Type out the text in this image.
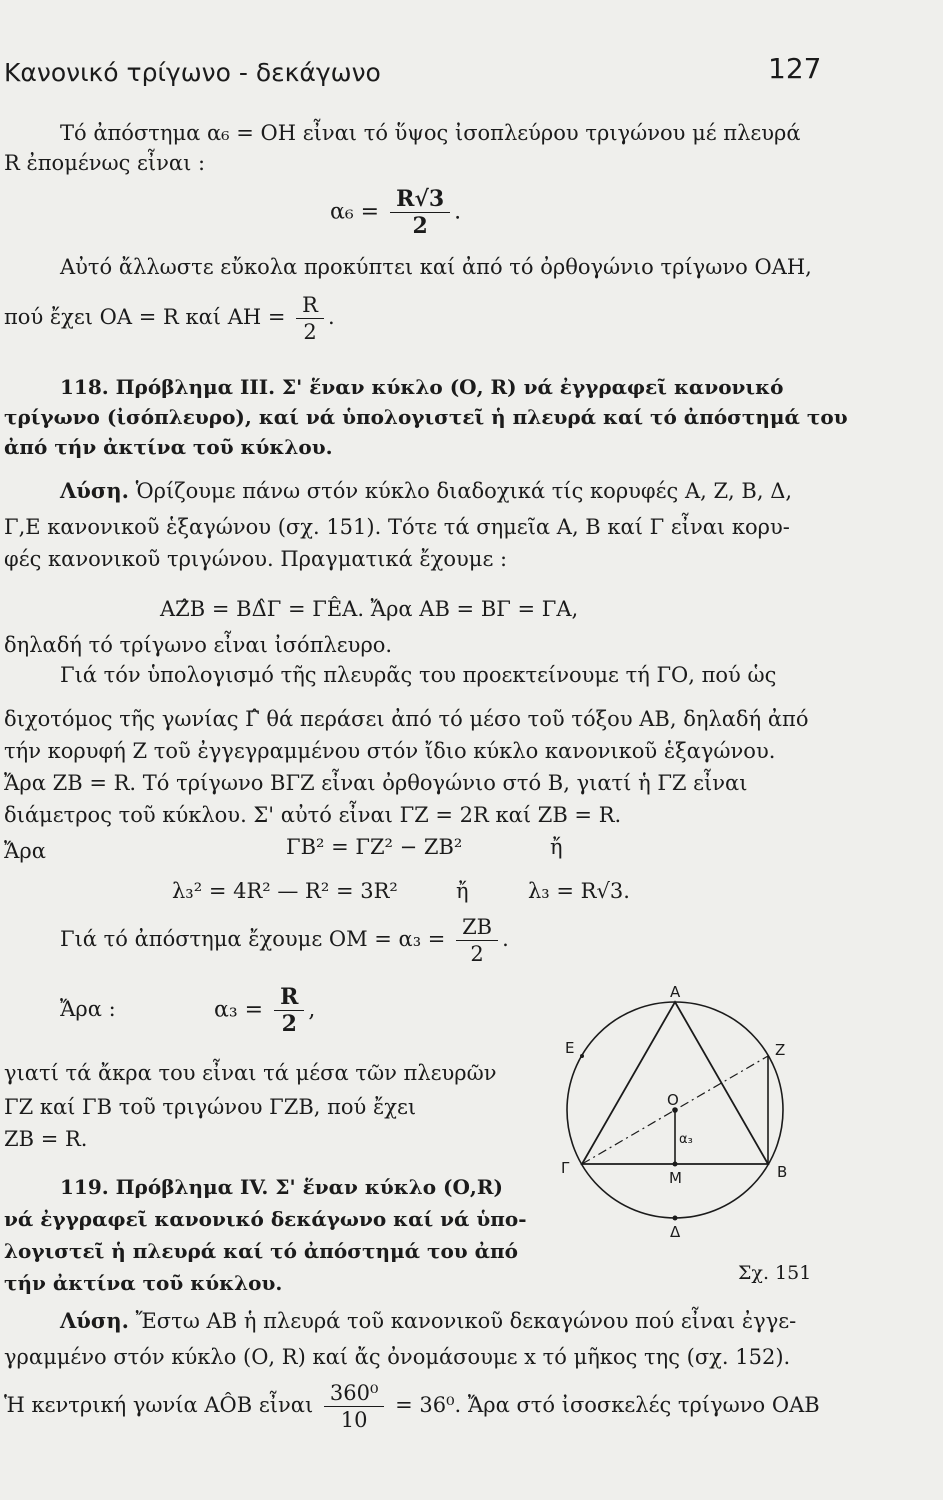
Κανονικό τρίγωνο - δεκάγωνο	127
Τό ἀπόστημα α₆ = ΟΗ εἶναι τό ὕψος ἰσοπλεύρου τριγώνου μέ πλευρά
R ἐπομένως εἶναι :
$\alpha_6 = \frac{R√3}{2}$ .
Αὐτό ἄλλωστε εὔκολα προκύπτει καί ἀπό τό ὀρθογώνιο τρίγωνο ΟΑΗ,
πού ἔχει ΟΑ = R καί $AH = \frac{R}{2}$ .
118. Πρόβλημα III. Σ' ἕναν κύκλο (Ο, R) νά ἐγγραφεῖ κανονικό
τρίγωνο (ἰσόπλευρο), καί νά ὑπολογιστεῖ ἡ πλευρά καί τό ἀπόστημά του
ἀπό τήν ἀκτίνα τοῦ κύκλου.
Λύση. Ὁρίζουμε πάνω στόν κύκλο διαδοχικά τίς κορυφές Α, Ζ, Β, Δ,
Γ,Ε κανονικοῦ ἑξαγώνου (σχ. 151). Τότε τά σημεῖα Α, Β καί Γ εἶναι κορυ-
φές κανονικοῦ τριγώνου. Πραγματικά ἔχουμε :
ΑΖ̂Β = ΒΔ̂Γ = ΓÊΑ. Ἄρα ΑΒ = ΒΓ = ΓΑ,
δηλαδή τό τρίγωνο εἶναι ἰσόπλευρο.
Γιά τόν ὑπολογισμό τῆς πλευρᾶς του προεκτείνουμε τή ΓΟ, πού ὡς
διχοτόμος τῆς γωνίας Γ̂ θά περάσει ἀπό τό μέσο τοῦ τόξου ΑΒ, δηλαδή ἀπό
τήν κορυφή Ζ τοῦ ἐγγεγραμμένου στόν ἴδιο κύκλο κανονικοῦ ἑξαγώνου.
Ἄρα ΖΒ = R. Τό τρίγωνο ΒΓΖ εἶναι ὀρθογώνιο στό Β, γιατί ἡ ΓΖ εἶναι
διάμετρος τοῦ κύκλου. Σ' αὐτό εἶναι ΓΖ = 2R καί ΖΒ = R.
Ἄρα	ΓΒ² = ΓΖ² − ΖΒ²	ἤ
λ₃² = 4R² — R² = 3R²	ἤ	λ₃ = R√3.
Γιά τό ἀπόστημα ἔχουμε $OM = \alpha_3 = \frac{ZB}{2}$ .
Ἄρα :	$\alpha_3 = \frac{R}{2}$ ,
γιατί τά ἄκρα του εἶναι τά μέσα τῶν πλευρῶν
ΓΖ καί ΓΒ τοῦ τριγώνου ΓΖΒ, πού ἔχει
ΖΒ = R.
119. Πρόβλημα IV. Σ' ἕναν κύκλο (Ο,R)
νά ἐγγραφεῖ κανονικό δεκάγωνο καί νά ὑπο-
λογιστεῖ ἡ πλευρά καί τό ἀπόστημά του ἀπό
τήν ἀκτίνα τοῦ κύκλου.
Λύση. Ἔστω ΑΒ ἡ πλευρά τοῦ κανονικοῦ δεκαγώνου πού εἶναι ἐγγε-
γραμμένο στόν κύκλο (Ο, R) καί ἄς ὀνομάσουμε x τό μῆκος της (σχ. 152).
Ἡ κεντρική γωνία ΑÔΒ εἶναι $\frac{\text{360⁰}}{10} = 36^0$. Ἄρα στό ἰσοσκελές τρίγωνο ΟΑΒ
Α
Ε	Ζ
Ο
α₃
Γ
Μ	Β
Δ
Σχ. 151
